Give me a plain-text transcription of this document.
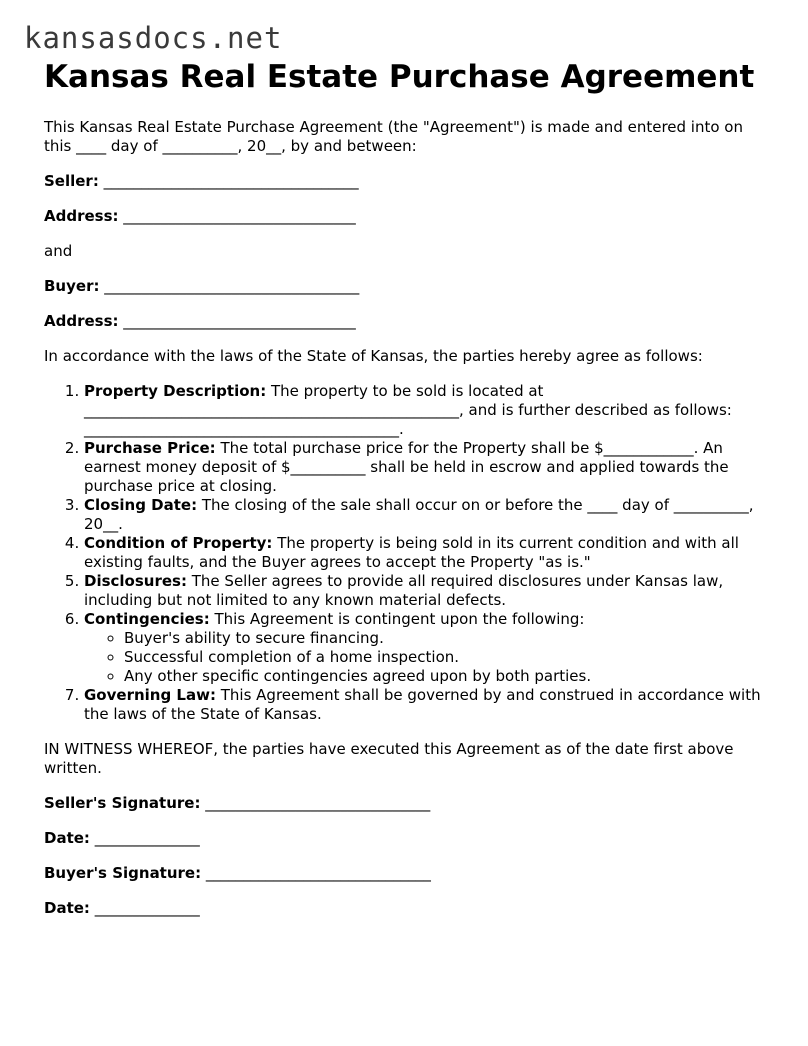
kansasdocs.net
Kansas Real Estate Purchase Agreement

This Kansas Real Estate Purchase Agreement (the "Agreement") is made and entered into on this ____ day of __________, 20__, by and between:

Seller: __________________________________

Address: _______________________________

and

Buyer: __________________________________

Address: _______________________________

In accordance with the laws of the State of Kansas, the parties hereby agree as follows:

1. Property Description: The property to be sold is located at __________________________________________________, and is further described as follows: __________________________________________.
2. Purchase Price: The total purchase price for the Property shall be $____________. An earnest money deposit of $__________ shall be held in escrow and applied towards the purchase price at closing.
3. Closing Date: The closing of the sale shall occur on or before the ____ day of __________, 20__.
4. Condition of Property: The property is being sold in its current condition and with all existing faults, and the Buyer agrees to accept the Property "as is."
5. Disclosures: The Seller agrees to provide all required disclosures under Kansas law, including but not limited to any known material defects.
6. Contingencies: This Agreement is contingent upon the following:
◦ Buyer's ability to secure financing.
◦ Successful completion of a home inspection.
◦ Any other specific contingencies agreed upon by both parties.
7. Governing Law: This Agreement shall be governed by and construed in accordance with the laws of the State of Kansas.

IN WITNESS WHEREOF, the parties have executed this Agreement as of the date first above written.

Seller's Signature: ______________________________

Date: ______________

Buyer's Signature: ______________________________

Date: ______________
